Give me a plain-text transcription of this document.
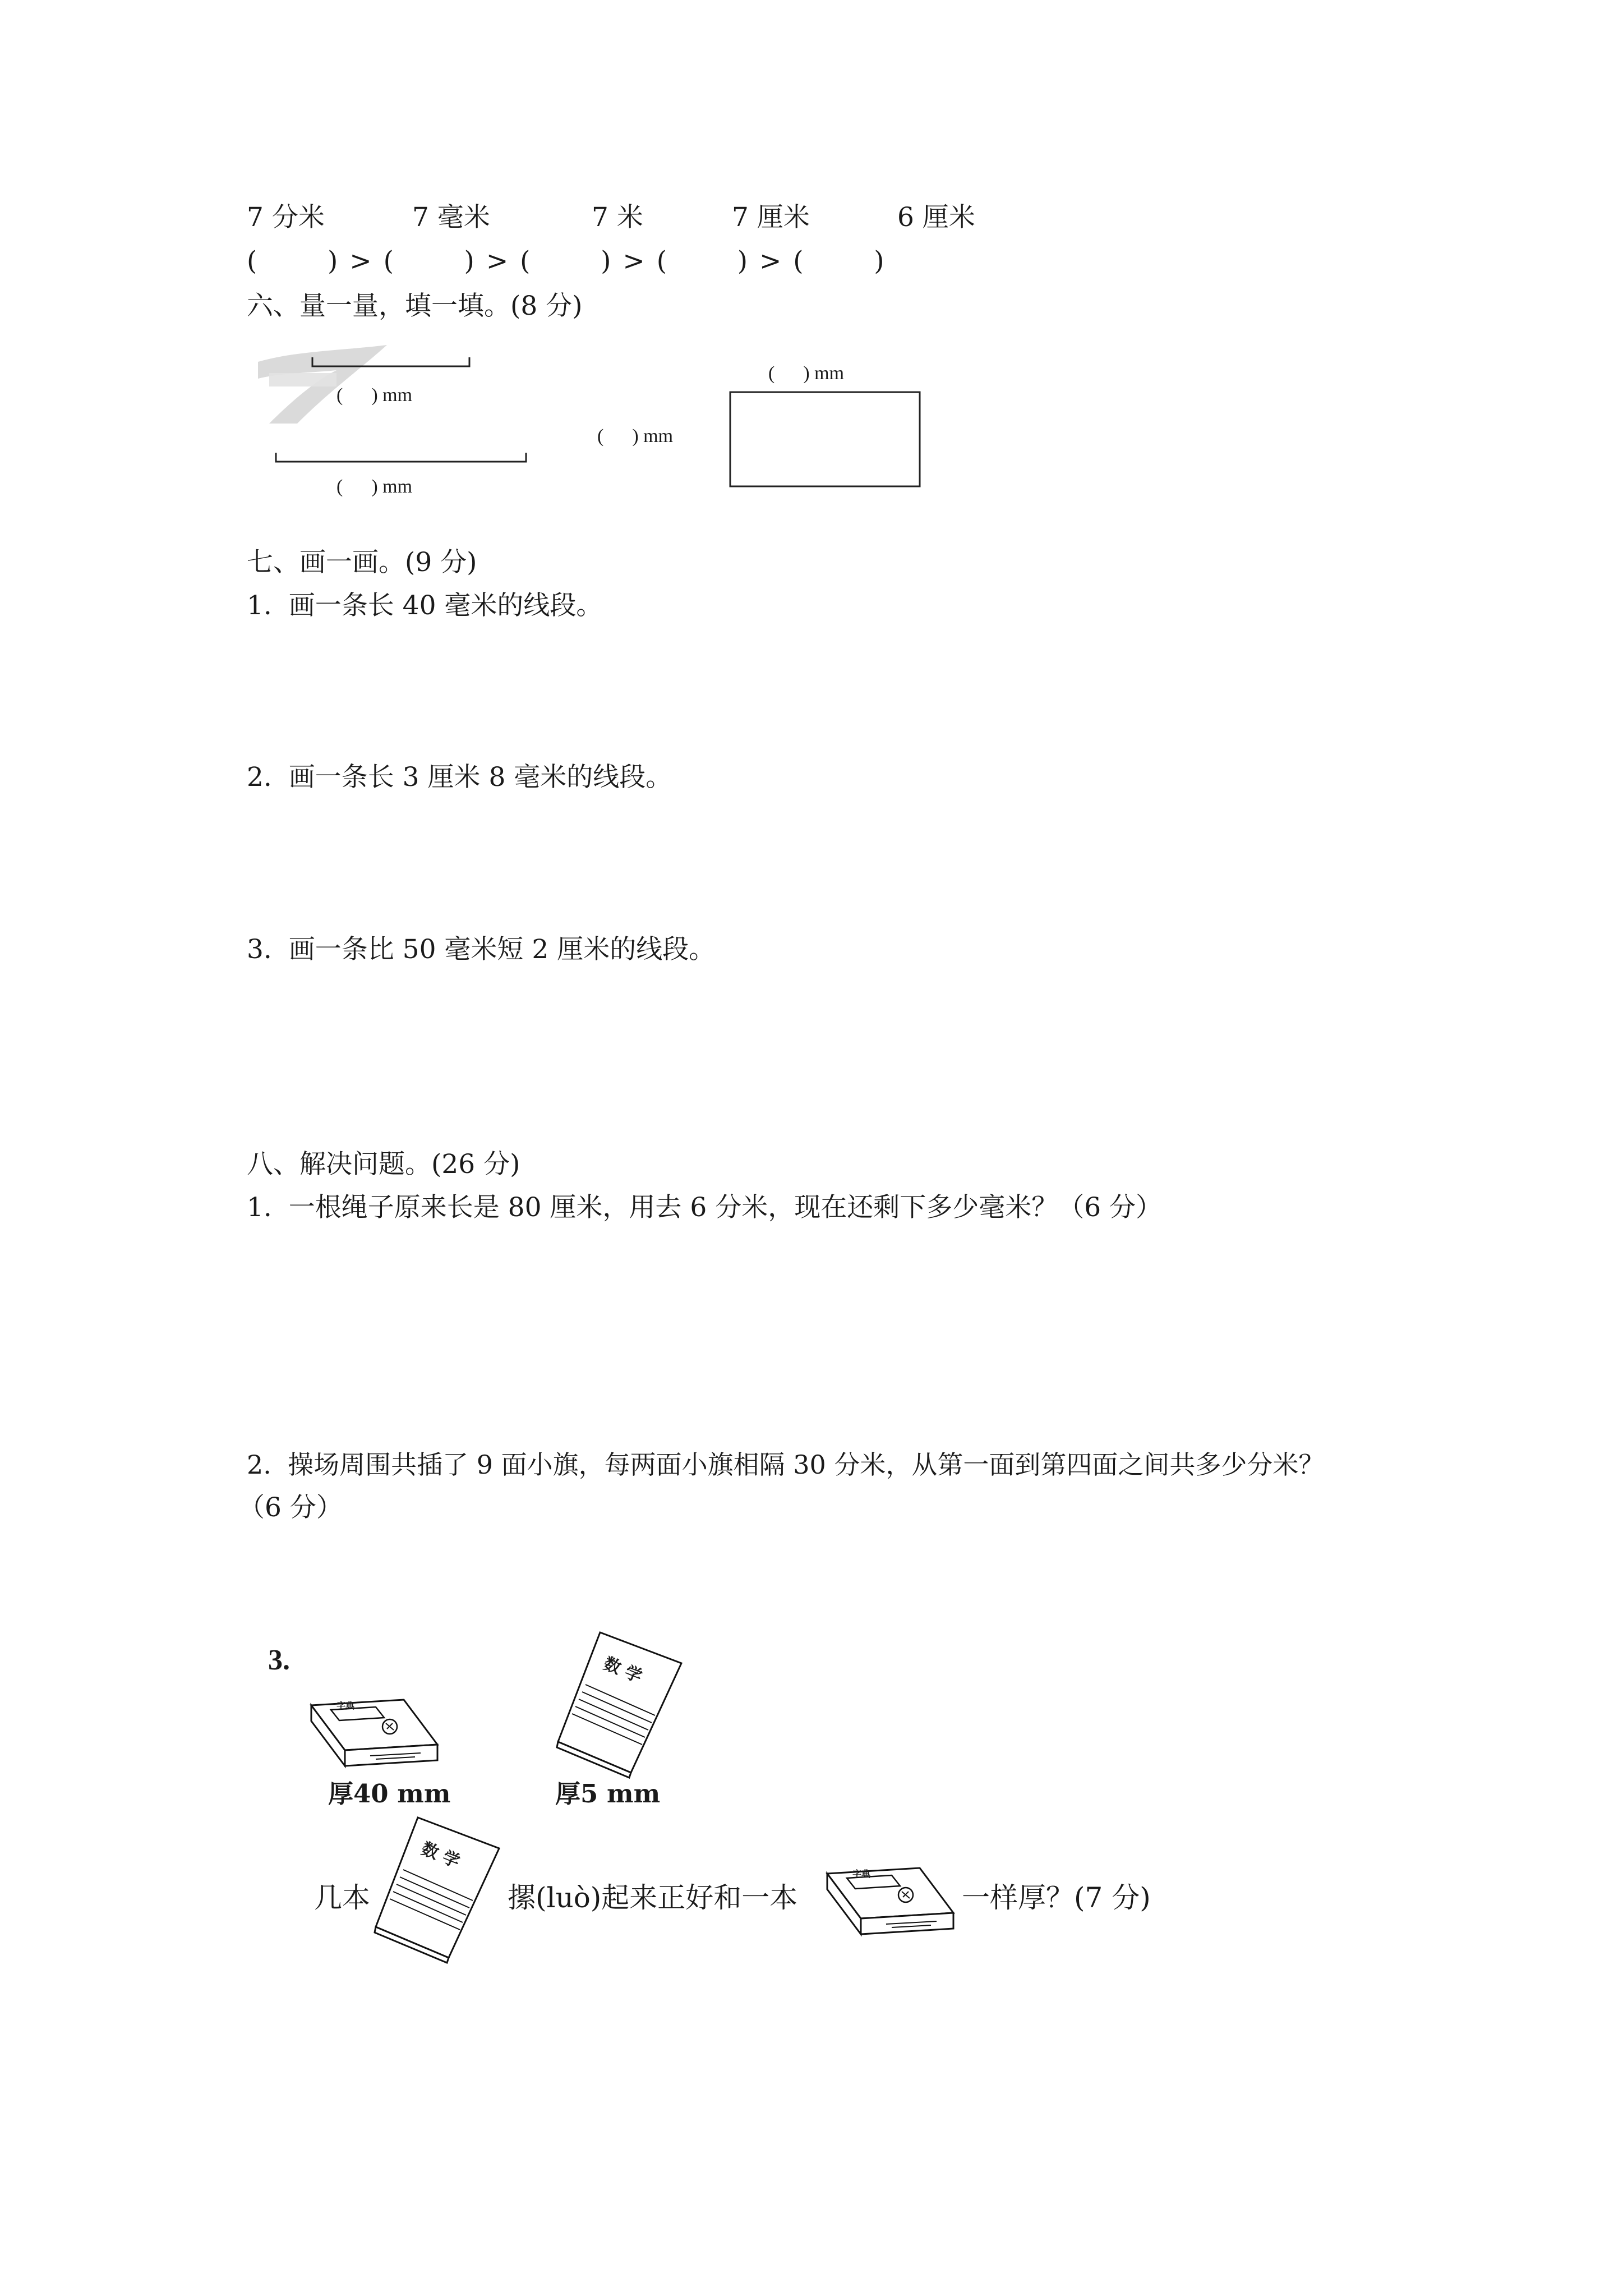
7 分米	7 毫米	7 米	7 厘米	6 厘米
(      ) > (      ) > (      ) > (      ) > (      )
六、量一量，填一填。(8 分)
(      ) mm
(      ) mm
(      ) mm
(      ) mm
七、画一画。(9 分)
1.  画一条长 40 毫米的线段。
2.  画一条长 3 厘米 8 毫米的线段。
3.  画一条比 50 毫米短 2 厘米的线段。
八、解决问题。(26 分)
1.  一根绳子原来长是 80 厘米，用去 6 分米，现在还剩下多少毫米？（6 分）
2.  操场周围共插了 9 面小旗，每两面小旗相隔 30 分米，从第一面到第四面之间共多少分米？
（6 分）
3.
字典
厚40 mm
数 学
厚5 mm
几本
数 学
摞(luò)起来正好和一本
字典
一样厚？(7 分)
